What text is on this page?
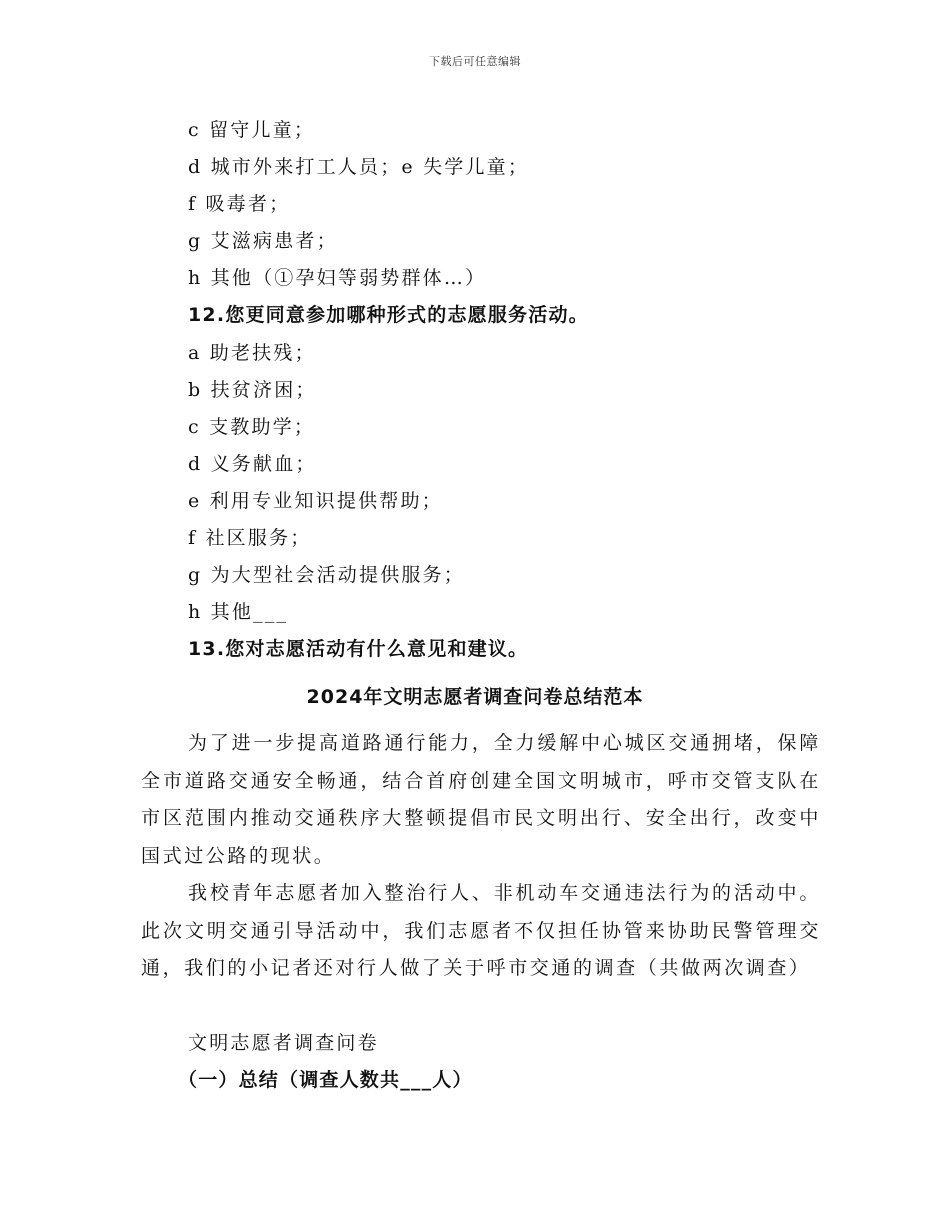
下载后可任意编辑
c 留守儿童；
d 城市外来打工人员；e 失学儿童；
f 吸毒者；
g 艾滋病患者；
h 其他（①孕妇等弱势群体…）
12.您更同意参加哪种形式的志愿服务活动。
a 助老扶残；
b 扶贫济困；
c 支教助学；
d 义务献血；
e 利用专业知识提供帮助；
f 社区服务；
g 为大型社会活动提供服务；
h 其他___
13.您对志愿活动有什么意见和建议。
2024年文明志愿者调查问卷总结范本
为了进一步提高道路通行能力，全力缓解中心城区交通拥堵，保障全市道路交通安全畅通，结合首府创建全国文明城市，呼市交管支队在市区范围内推动交通秩序大整顿提倡市民文明出行、安全出行，改变中国式过公路的现状。
我校青年志愿者加入整治行人、非机动车交通违法行为的活动中。此次文明交通引导活动中，我们志愿者不仅担任协管来协助民警管理交通，我们的小记者还对行人做了关于呼市交通的调查（共做两次调查）
文明志愿者调查问卷
（一）总结（调查人数共___人）
